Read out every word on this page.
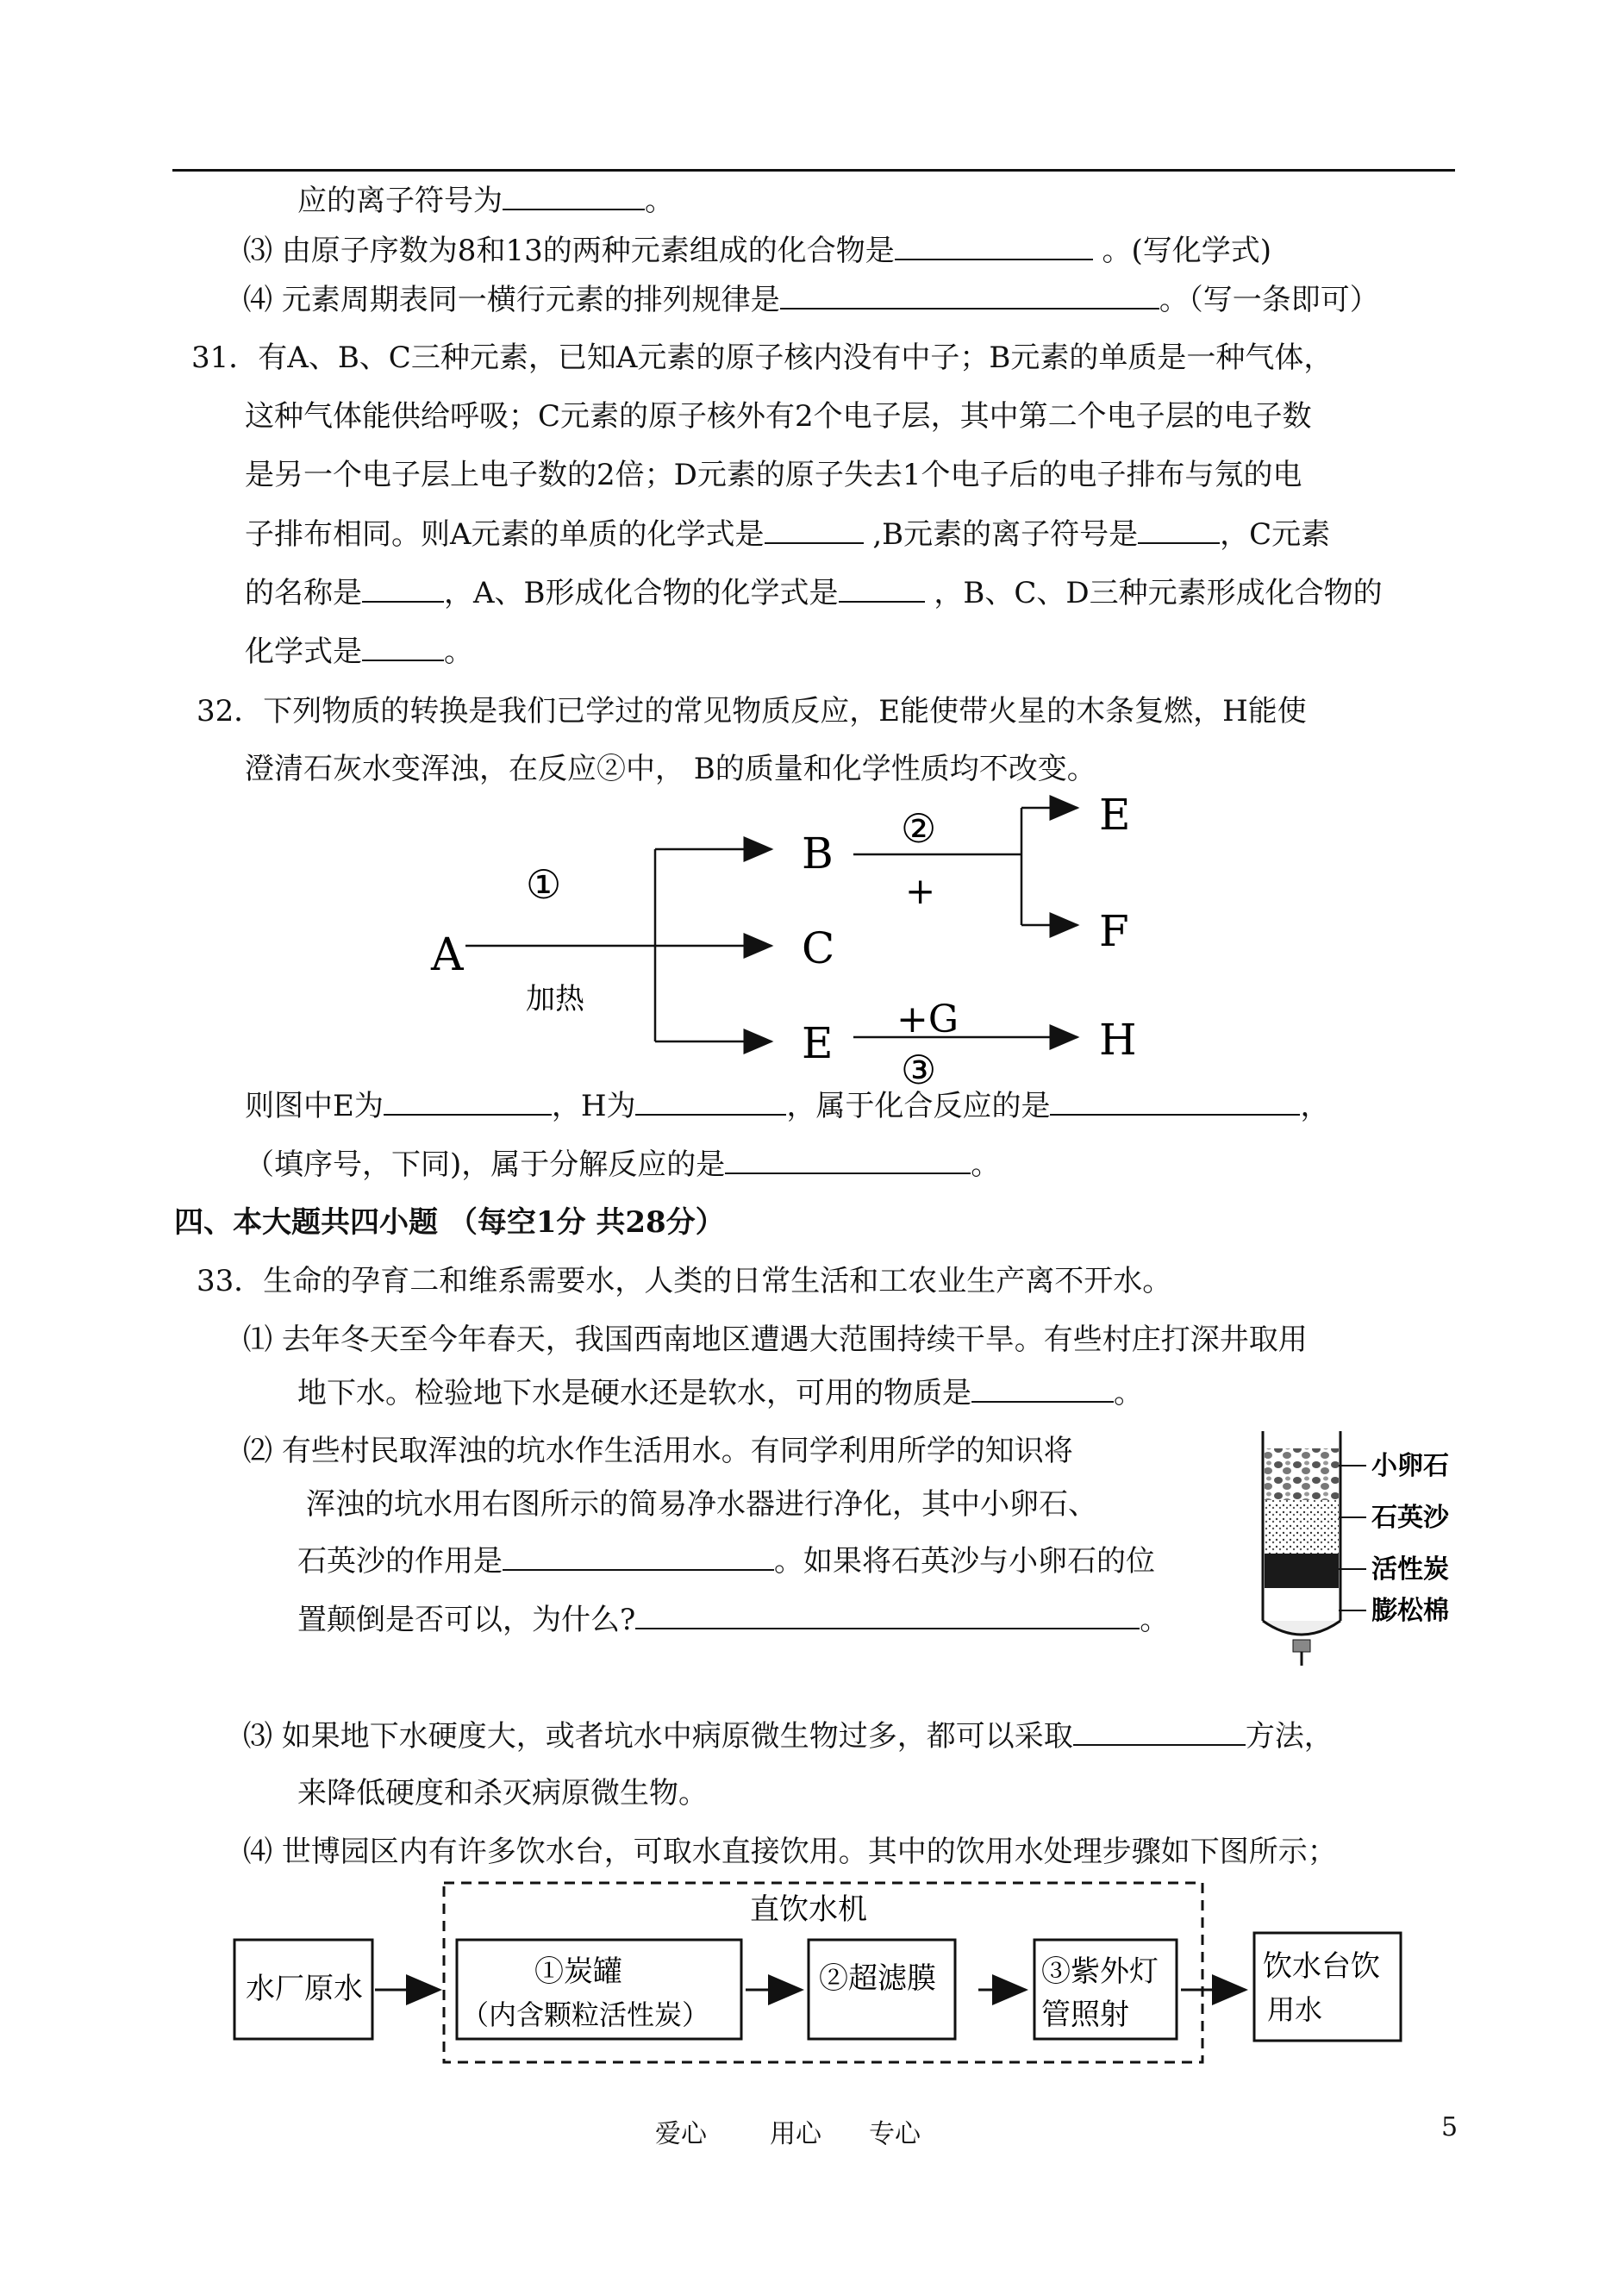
应的离子符号为	。
⑶ 由原子序数为8和13的两种元素组成的化合物是	。(写化学式)
⑷ 元素周期表同一横行元素的排列规律是	。（写一条即可）
31．有A、B、C三种元素，已知A元素的原子核内没有中子；B元素的单质是一种气体，
这种气体能供给呼吸；C元素的原子核外有2个电子层，其中第二个电子层的电子数
是另一个电子层上电子数的2倍；D元素的原子失去1个电子后的电子排布与氖的电
子排布相同。则A元素的单质的化学式是	,B元素的离子符号是	，C元素
的名称是	，A、B形成化合物的化学式是	，B、C、D三种元素形成化合物的
化学式是	。
32．下列物质的转换是我们已学过的常见物质反应，E能使带火星的木条复燃，H能使
澄清石灰水变浑浊，在反应②中， B的质量和化学性质均不改变。
A
B
C
E
E
F
H
①
加热
②
+
+G
③
则图中E为	，H为	，属于化合反应的是	，
（填序号，下同)，属于分解反应的是	。
四、本大题共四小题 （每空1分 共28分）
33．生命的孕育二和维系需要水，人类的日常生活和工农业生产离不开水。
⑴ 去年冬天至今年春天，我国西南地区遭遇大范围持续干旱。有些村庄打深井取用
地下水。检验地下水是硬水还是软水，可用的物质是	。
⑵ 有些村民取浑浊的坑水作生活用水。有同学利用所学的知识将
浑浊的坑水用右图所示的简易净水器进行净化，其中小卵石、
石英沙的作用是	。如果将石英沙与小卵石的位
置颠倒是否可以，为什么?	。
小卵石
石英沙
活性炭
膨松棉
⑶ 如果地下水硬度大，或者坑水中病原微生物过多，都可以采取	方法，
来降低硬度和杀灭病原微生物。
⑷ 世博园区内有许多饮水台，可取水直接饮用。其中的饮用水处理步骤如下图所示；
直饮水机
水厂原水	①炭罐
（内含颗粒活性炭）
②超滤膜	③紫外灯
管照射
饮水台饮
用水
爱心 用心 专心	5
